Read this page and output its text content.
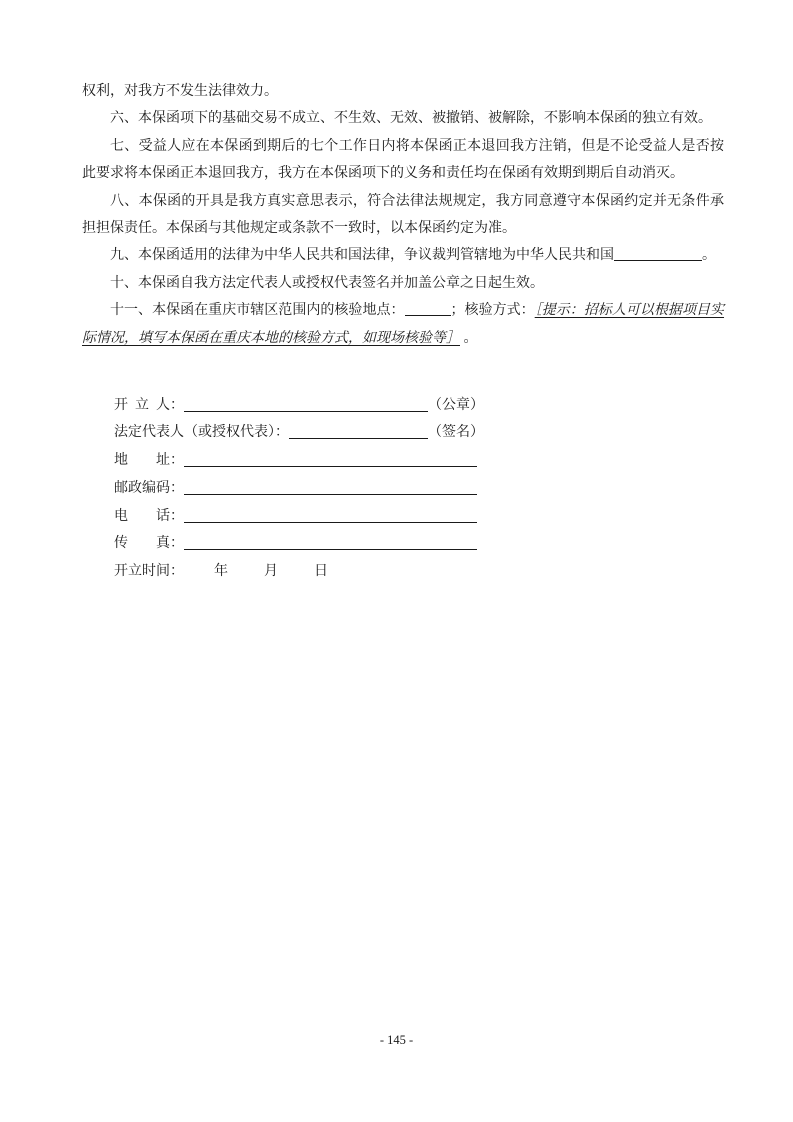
权利，对我方不发生法律效力。

六、本保函项下的基础交易不成立、不生效、无效、被撤销、被解除，不影响本保函的独立有效。

七、受益人应在本保函到期后的七个工作日内将本保函正本退回我方注销，但是不论受益人是否按此要求将本保函正本退回我方，我方在本保函项下的义务和责任均在保函有效期到期后自动消灭。

八、本保函的开具是我方真实意思表示，符合法律法规规定，我方同意遵守本保函约定并无条件承担担保责任。本保函与其他规定或条款不一致时，以本保函约定为准。

九、本保函适用的法律为中华人民共和国法律，争议裁判管辖地为中华人民共和国	。

十、本保函自我方法定代表人或授权代表签名并加盖公章之日起生效。

十一、本保函在重庆市辖区范围内的核验地点：	；核验方式：［提示：招标人可以根据项目实际情况，填写本保函在重庆本地的核验方式，如现场核验等］ 。

开立人：	（公章）
法定代表人（或授权代表）：	（签名）
地址：
邮政编码：
电话：
传真：
开立时间： 年	月	日
- 145 -
